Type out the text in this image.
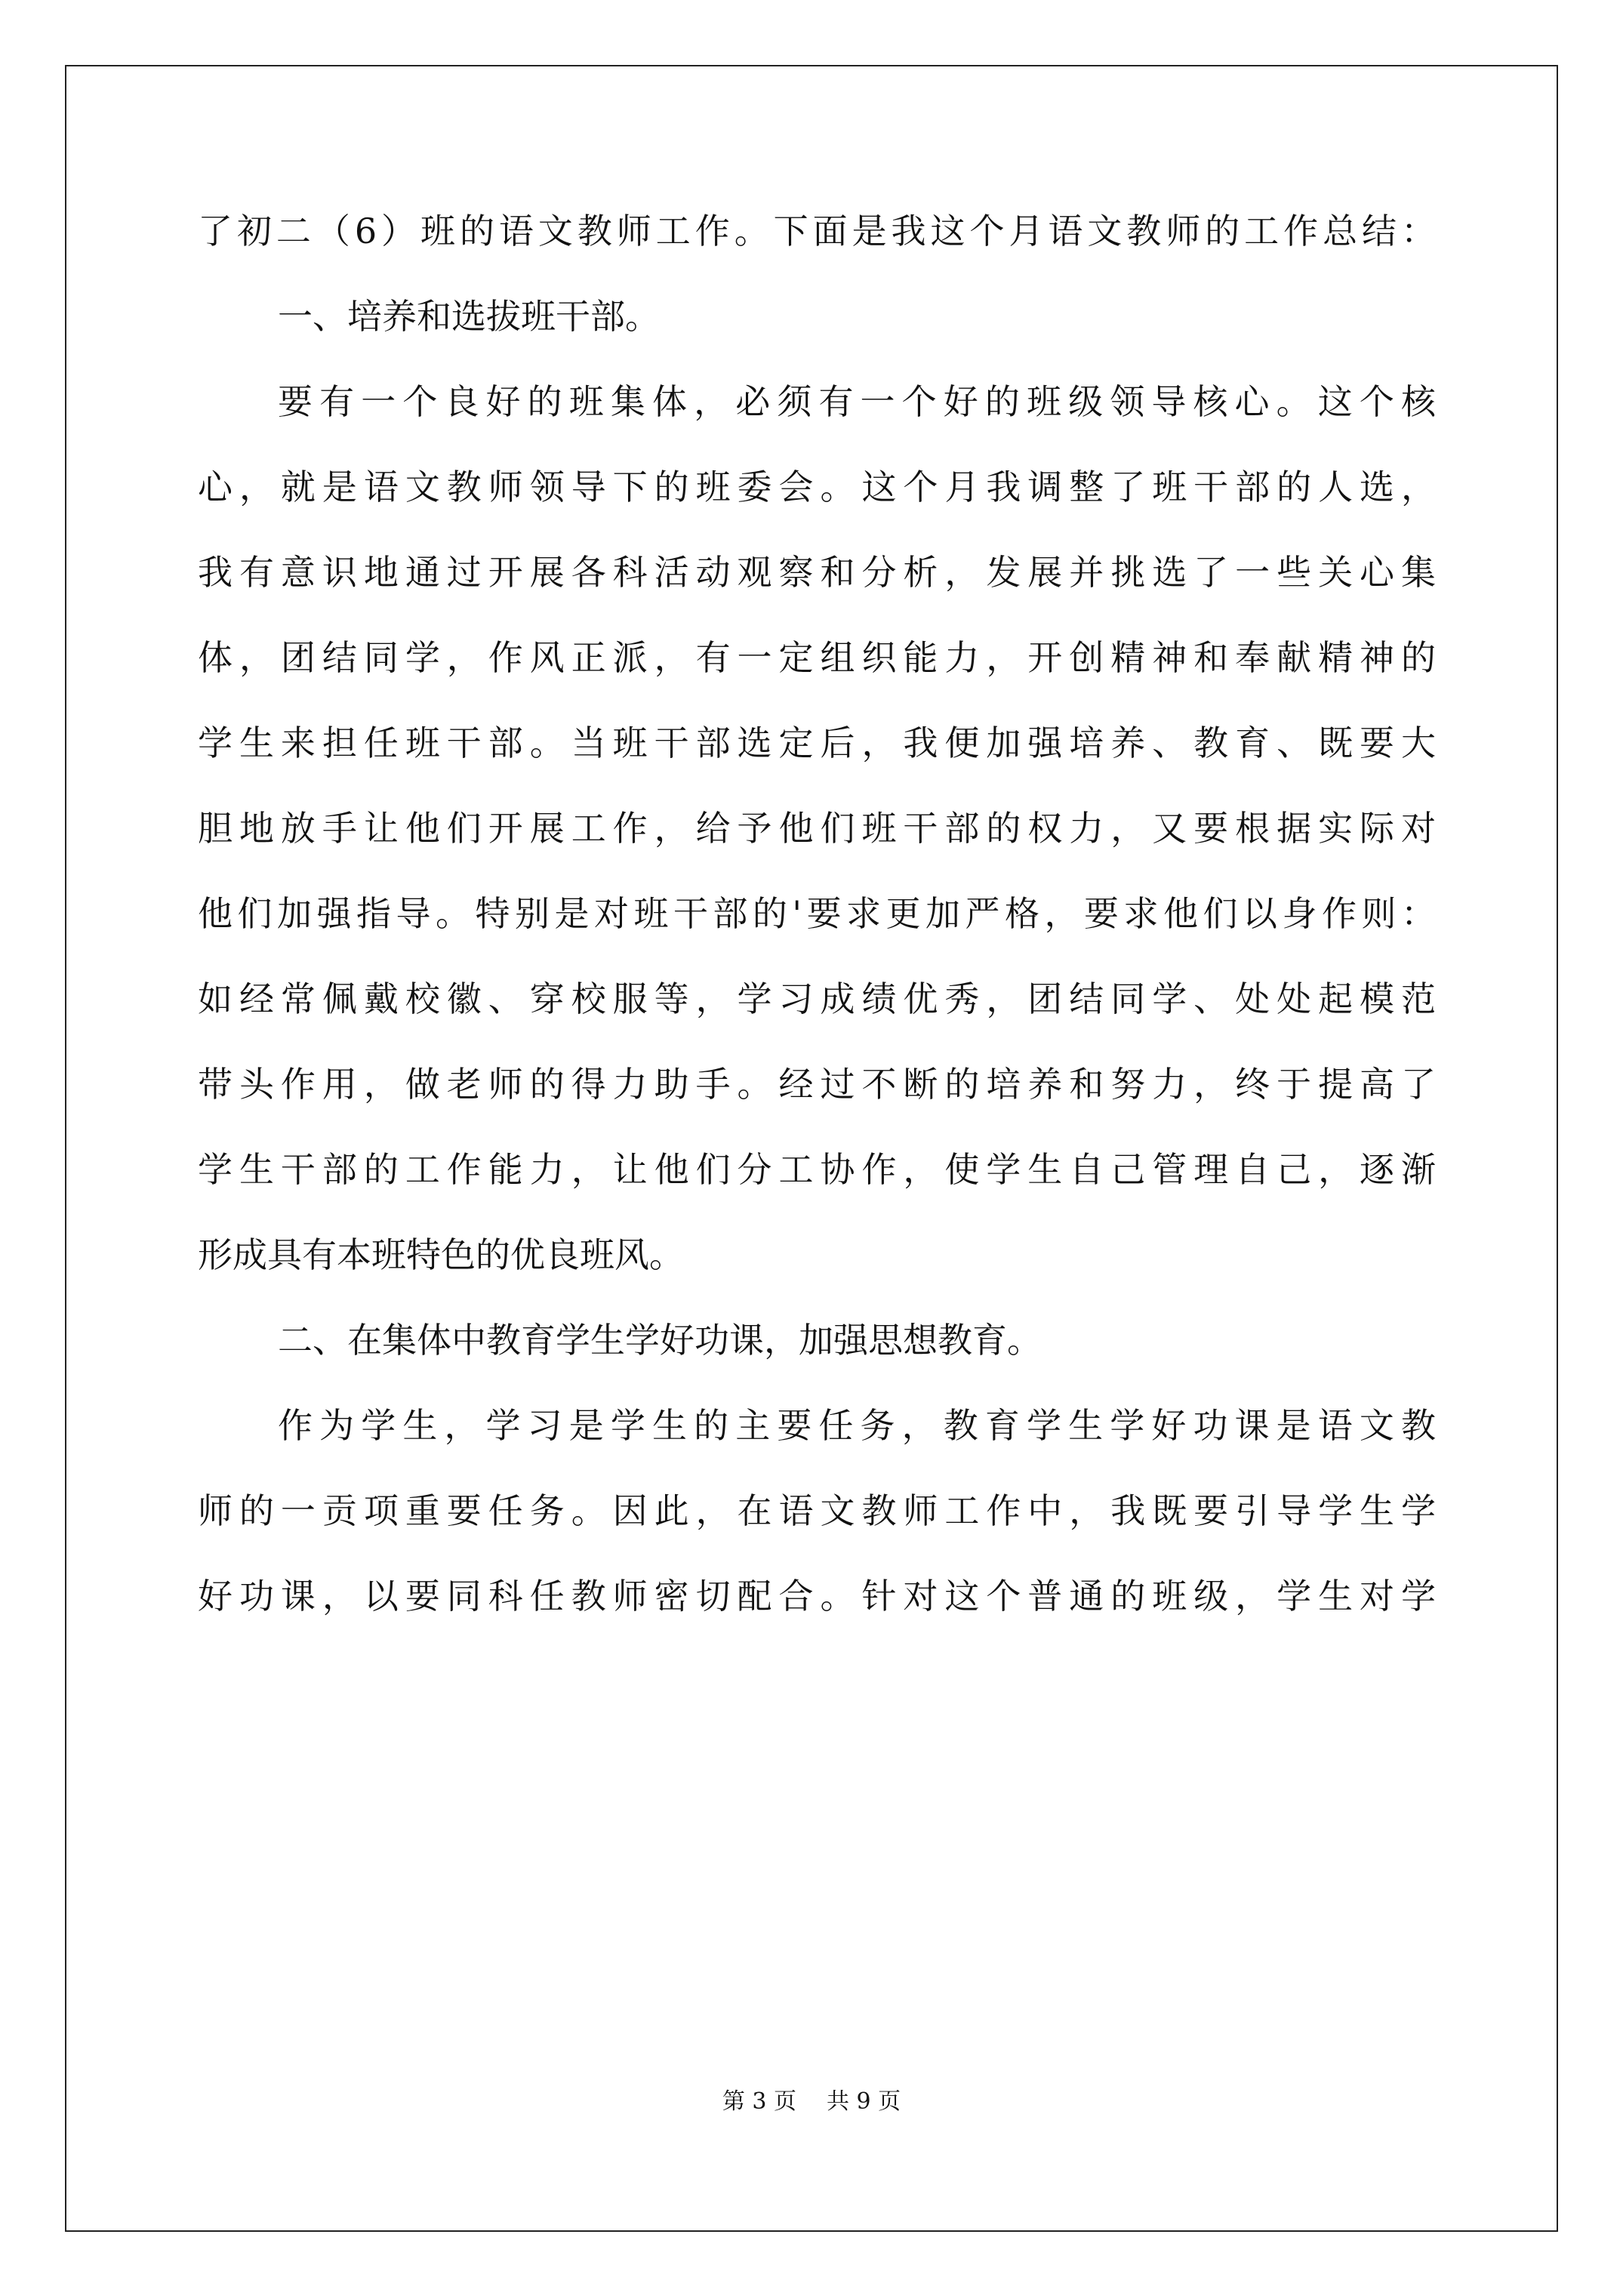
了初二（6）班的语文教师工作。下面是我这个月语文教师的工作总结：
一、培养和选拔班干部。
要有一个良好的班集体，必须有一个好的班级领导核心。这个核
心，就是语文教师领导下的班委会。这个月我调整了班干部的人选，
我有意识地通过开展各科活动观察和分析，发展并挑选了一些关心集
体，团结同学，作风正派，有一定组织能力，开创精神和奉献精神的
学生来担任班干部。当班干部选定后，我便加强培养、教育、既要大
胆地放手让他们开展工作，给予他们班干部的权力，又要根据实际对
他们加强指导。特别是对班干部的'要求更加严格，要求他们以身作则：
如经常佩戴校徽、穿校服等，学习成绩优秀，团结同学、处处起模范
带头作用，做老师的得力助手。经过不断的培养和努力，终于提高了
学生干部的工作能力，让他们分工协作，使学生自己管理自己，逐渐
形成具有本班特色的优良班风。
二、在集体中教育学生学好功课，加强思想教育。
作为学生，学习是学生的主要任务，教育学生学好功课是语文教
师的一贡项重要任务。因此，在语文教师工作中，我既要引导学生学
好功课，以要同科任教师密切配合。针对这个普通的班级，学生对学
第 3 页 共 9 页
